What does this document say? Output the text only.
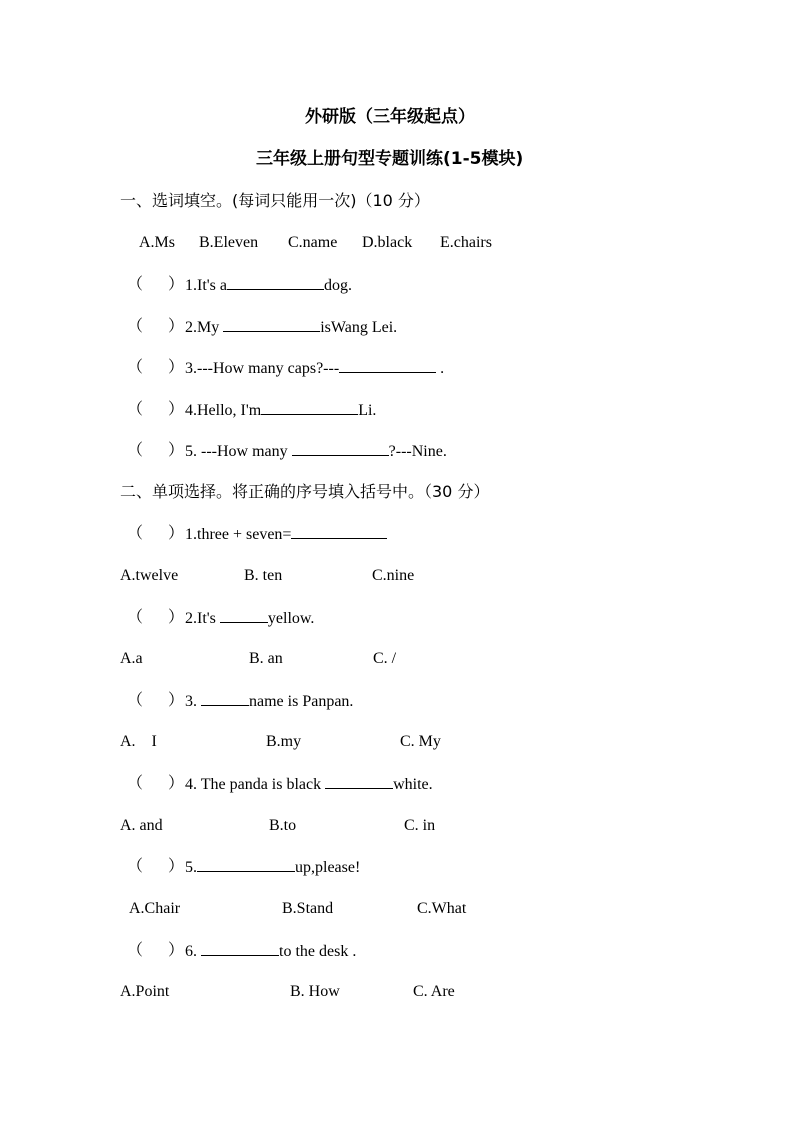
外研版（三年级起点）
三年级上册句型专题训练(1-5模块)
一、选词填空。(每词只能用一次)（10 分）
A.Ms B.Eleven C.name D.black E.chairs
（ ） 1.It's a	dog.
（ ） 2.My	isWang Lei.
（ ） 3.---How many caps?---	.
（ ） 4.Hello, I'm	Li.
（ ） 5. ---How many	?---Nine.
二、单项选择。将正确的序号填入括号中。（30 分）
（ ） 1.three + seven=
A.twelve	B. ten	C.nine
（ ） 2.It's	yellow.
A.a	B. an	C. /
（ ） 3.	name is Panpan.
A.    I	B.my	C. My
（ ） 4. The panda is black	white.
A. and	B.to	C. in
（ ） 5.	up,please!
A.Chair	B.Stand	C.What
（ ） 6.	to the desk .
A.Point	B. How	C. Are
